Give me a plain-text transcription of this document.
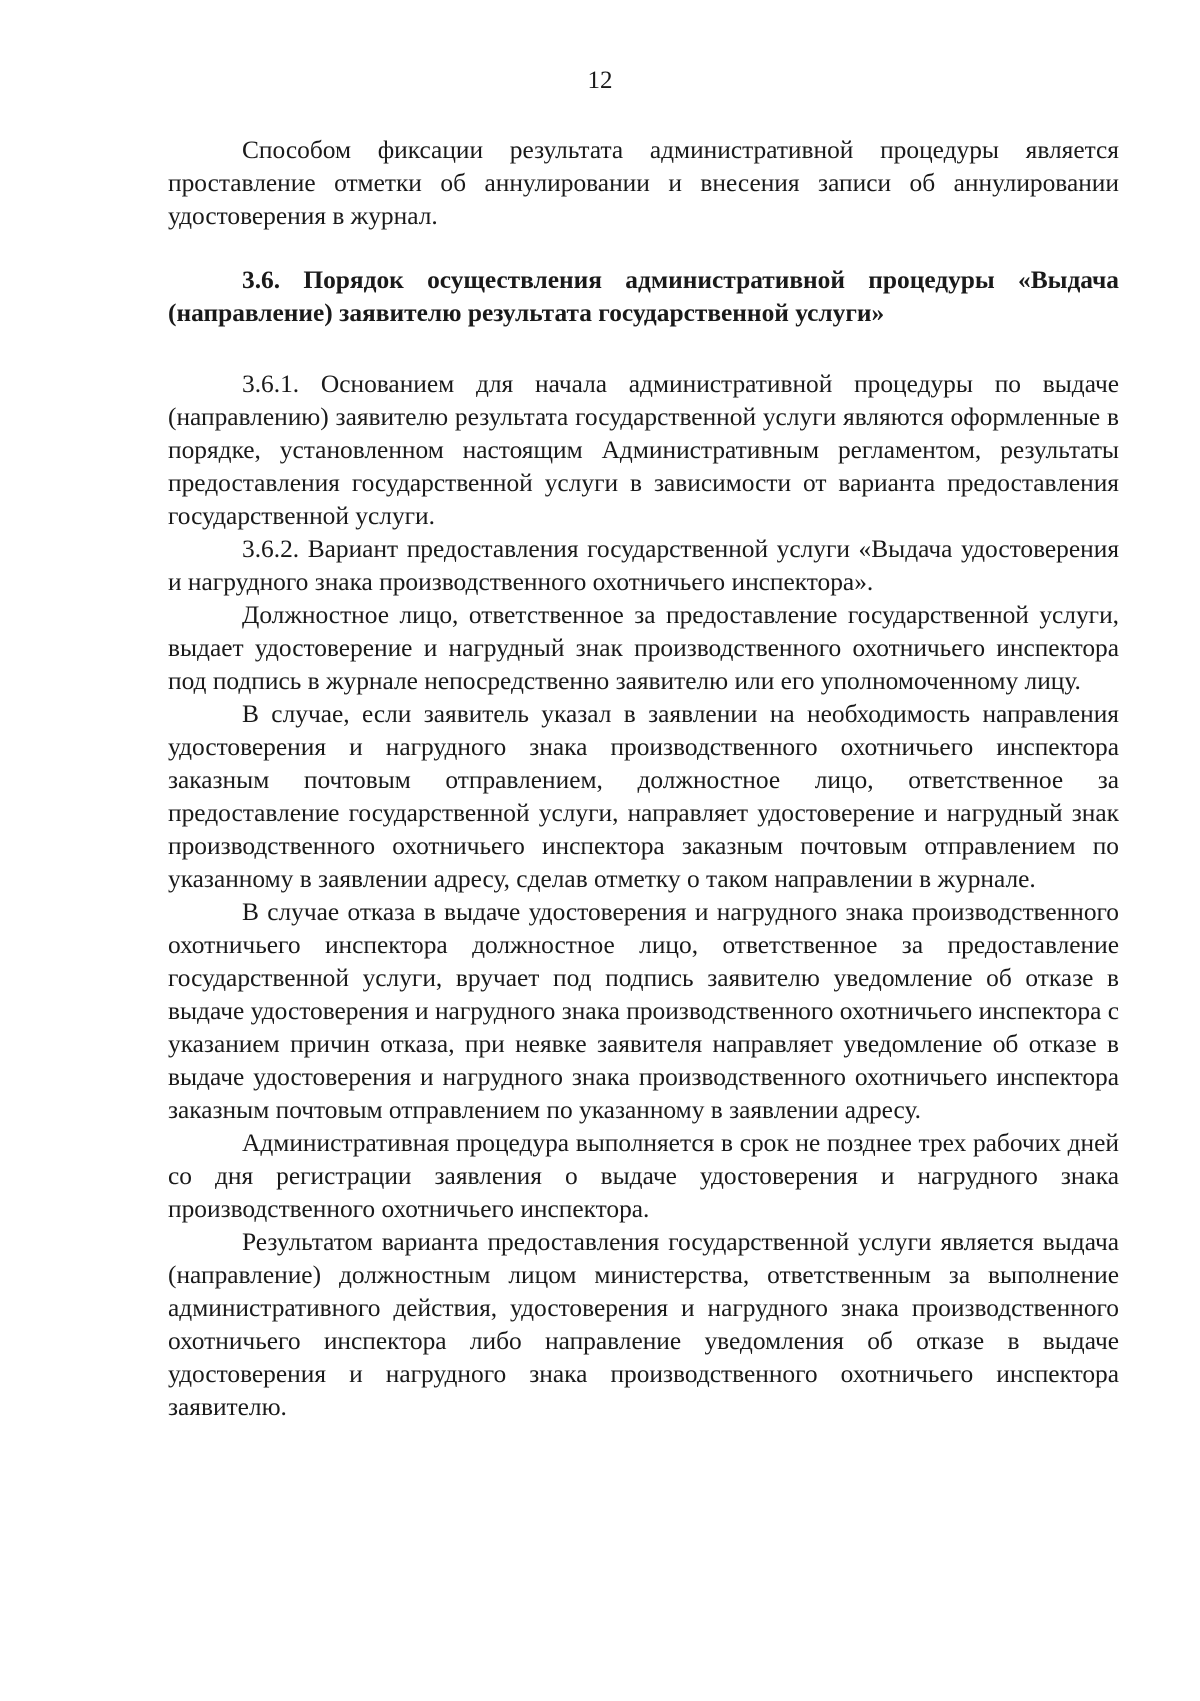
12

Способом фиксации результата административной процедуры является проставление отметки об аннулировании и внесения записи об аннулировании удостоверения в журнал.

3.6. Порядок осуществления административной процедуры «Выдача (направление) заявителю результата государственной услуги»

3.6.1. Основанием для начала административной процедуры по выдаче (направлению) заявителю результата государственной услуги являются оформленные в порядке, установленном настоящим Административным регламентом, результаты предоставления государственной услуги в зависимости от варианта предоставления государственной услуги.

3.6.2. Вариант предоставления государственной услуги «Выдача удостоверения и нагрудного знака производственного охотничьего инспектора».

Должностное лицо, ответственное за предоставление государственной услуги, выдает удостоверение и нагрудный знак производственного охотничьего инспектора под подпись в журнале непосредственно заявителю или его уполномоченному лицу.

В случае, если заявитель указал в заявлении на необходимость направления удостоверения и нагрудного знака производственного охотничьего инспектора заказным почтовым отправлением, должностное лицо, ответственное за предоставление государственной услуги, направляет удостоверение и нагрудный знак производственного охотничьего инспектора заказным почтовым отправлением по указанному в заявлении адресу, сделав отметку о таком направлении в журнале.

В случае отказа в выдаче удостоверения и нагрудного знака производственного охотничьего инспектора должностное лицо, ответственное за предоставление государственной услуги, вручает под подпись заявителю уведомление об отказе в выдаче удостоверения и нагрудного знака производственного охотничьего инспектора с указанием причин отказа, при неявке заявителя направляет уведомление об отказе в выдаче удостоверения и нагрудного знака производственного охотничьего инспектора заказным почтовым отправлением по указанному в заявлении адресу.

Административная процедура выполняется в срок не позднее трех рабочих дней со дня регистрации заявления о выдаче удостоверения и нагрудного знака производственного охотничьего инспектора.

Результатом варианта предоставления государственной услуги является выдача (направление) должностным лицом министерства, ответственным за выполнение административного действия, удостоверения и нагрудного знака производственного охотничьего инспектора либо направление уведомления об отказе в выдаче удостоверения и нагрудного знака производственного охотничьего инспектора заявителю.
